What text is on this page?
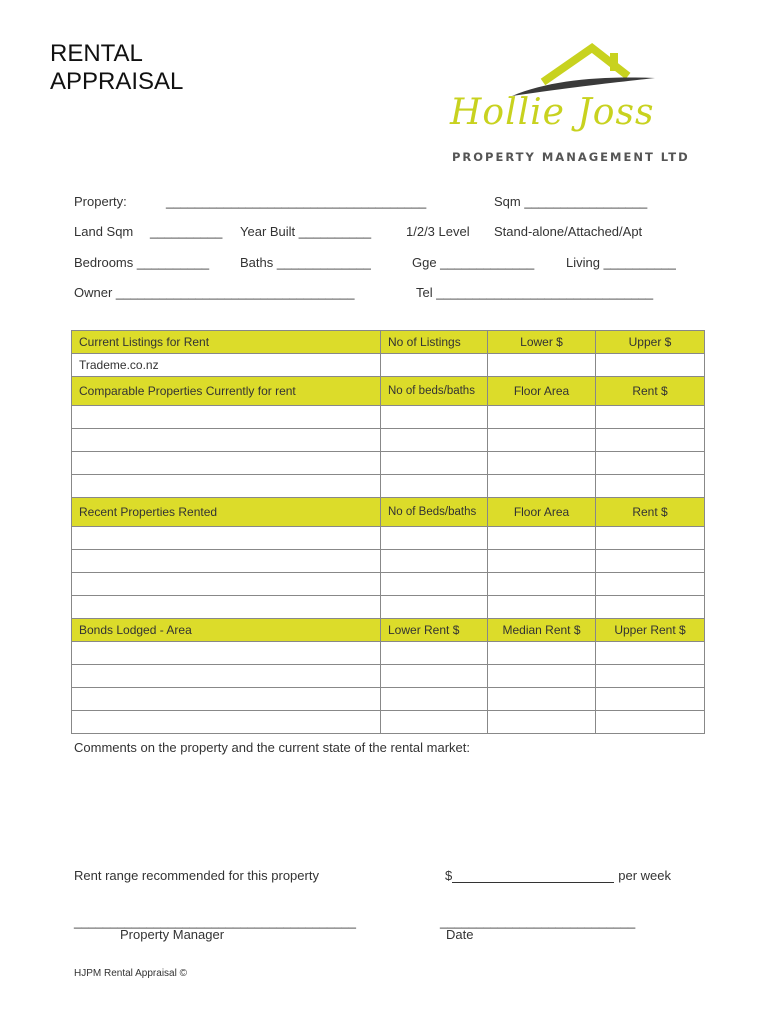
RENTAL
APPRAISAL
Hollie Joss
PROPERTY MANAGEMENT LTD
Property:	____________________________________	Sqm _________________
Land Sqm __________ Year Built __________	1/2/3 Level Stand-alone/Attached/Apt
Bedrooms __________ Baths _____________	Gge _____________ Living __________
Owner _________________________________	Tel ______________________________
Current Listings for Rent	No of Listings	Lower $	Upper $
Trademe.co.nz			
Comparable Properties Currently for rent	No of beds/baths	Floor Area	Rent $

Recent Properties Rented	No of Beds/baths	Floor Area	Rent $

Bonds Lodged - Area	Lower Rent $	Median Rent $	Upper Rent $

Comments on the property and the current state of the rental market:
Rent range recommended for this property	$	per week
_______________________________________
Property Manager
___________________________
Date
HJPM Rental Appraisal ©
